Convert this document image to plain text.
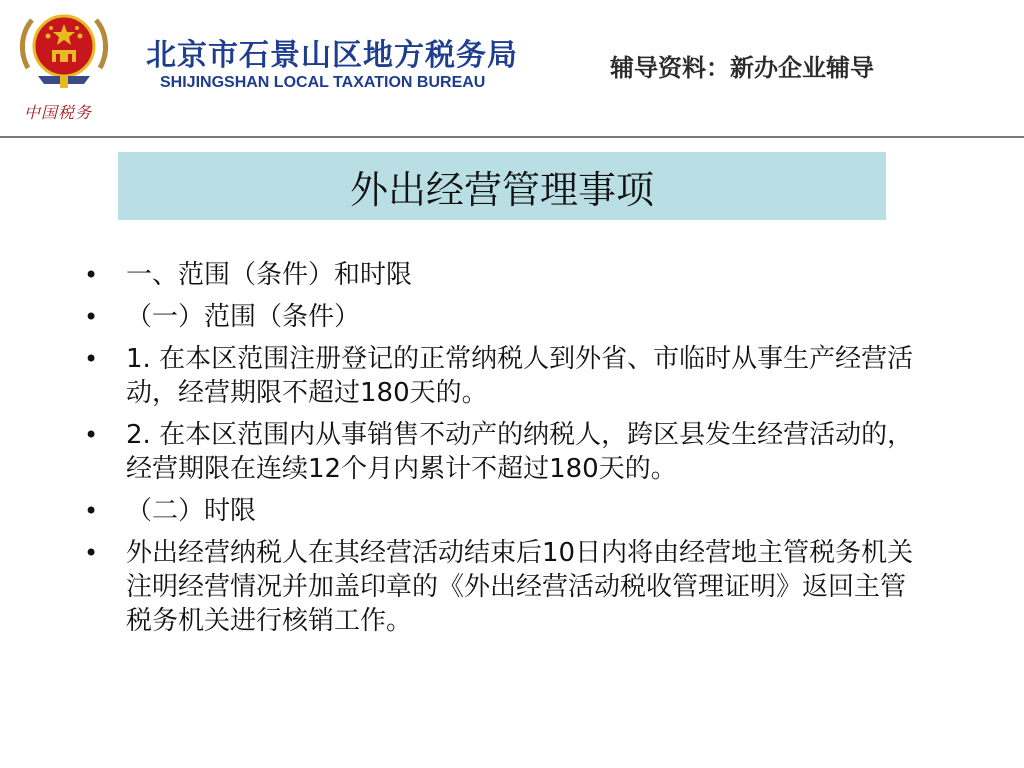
中国税务
北京市石景山区地方税务局
SHIJINGSHAN LOCAL TAXATION BUREAU
辅导资料：新办企业辅导
外出经营管理事项
• 一、范围（条件）和时限
• （一）范围（条件）
• 1. 在本区范围注册登记的正常纳税人到外省、市临时从事生产经营活动，经营期限不超过180天的。
• 2. 在本区范围内从事销售不动产的纳税人，跨区县发生经营活动的，经营期限在连续12个月内累计不超过180天的。
• （二）时限
• 外出经营纳税人在其经营活动结束后10日内将由经营地主管税务机关注明经营情况并加盖印章的《外出经营活动税收管理证明》返回主管税务机关进行核销工作。
